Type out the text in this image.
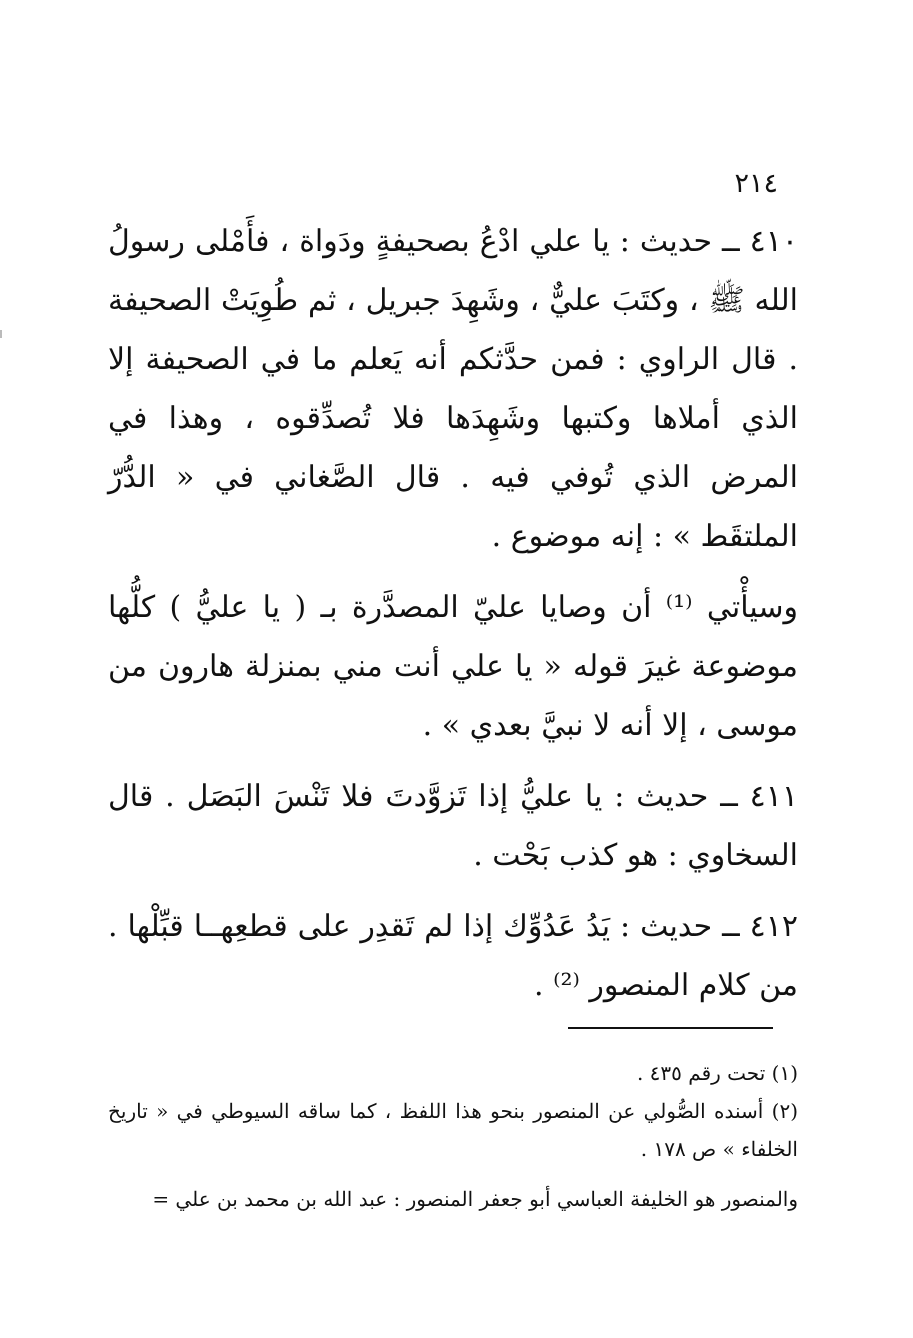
٢١٤

٤١٠ ــ حديث : يا علي ادْعُ بصحيفةٍ ودَواة ، فأَمْلى رسولُ الله ﷺ ، وكتَبَ عليٌّ ، وشَهِدَ جبريل ، ثم طُوِيَتْ الصحيفة . قال الراوي : فمن حدَّثكم أنه يَعلم ما في الصحيفة إلا الذي أملاها وكتبها وشَهِدَها فلا تُصدِّقوه ، وهذا في المرض الذي تُوفي فيه . قال الصَّغاني في « الدُّرّ الملتقَط » : إنه موضوع .

وسيأْتي ⁽¹⁾ أن وصايا عليّ المصدَّرة بـ ( يا عليُّ ) كلُّها موضوعة غيرَ قوله « يا علي أنت مني بمنزلة هارون من موسى ، إلا أنه لا نبيَّ بعدي » .

٤١١ ــ حديث : يا عليُّ إذا تَزوَّدتَ فلا تَنْسَ البَصَل . قال السخاوي : هو كذب بَحْت .

٤١٢ ــ حديث : يَدُ عَدُوِّك إذا لم تَقدِر على قطعِهــا قبِّلْها . من كلام المنصور ⁽²⁾ .

(١) تحت رقم ٤٣٥ .

(٢) أسنده الصُّولي عن المنصور بنحو هذا اللفظ ، كما ساقه السيوطي في « تاريخ الخلفاء » ص ١٧٨ .

والمنصور هو الخليفة العباسي أبو جعفر المنصور : عبد الله بن محمد بن علي =
